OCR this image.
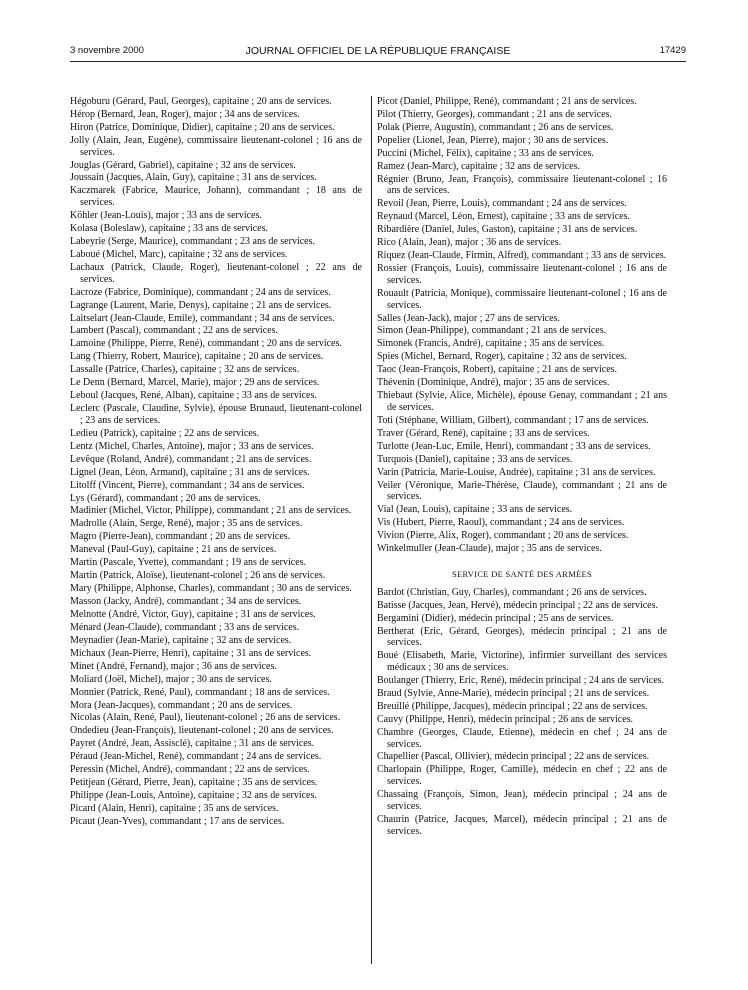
3 novembre 2000	JOURNAL OFFICIEL DE LA RÉPUBLIQUE FRANÇAISE	17429
Hégoburu (Gérard, Paul, Georges), capitaine ; 20 ans de services.
Hérop (Bernard, Jean, Roger), major ; 34 ans de services.
Hiron (Patrice, Dominique, Didier), capitaine ; 20 ans de services.
Jolly (Alain, Jean, Eugène), commissaire lieutenant-colonel ; 16 ans de services.
Jouglas (Gérard, Gabriel), capitaine ; 32 ans de services.
Joussain (Jacques, Alain, Guy), capitaine ; 31 ans de services.
Kaczmarek (Fabrice, Maurice, Johann), commandant ; 18 ans de services.
Köhler (Jean-Louis), major ; 33 ans de services.
Kolasa (Boleslaw), capitaine ; 33 ans de services.
Labeyrie (Serge, Maurice), commandant ; 23 ans de services.
Laboué (Michel, Marc), capitaine ; 32 ans de services.
Lachaux (Patrick, Claude, Roger), lieutenant-colonel ; 22 ans de services.
Lacroze (Fabrice, Dominique), commandant ; 24 ans de services.
Lagrange (Laurent, Marie, Denys), capitaine ; 21 ans de services.
Laitselart (Jean-Claude, Emile), commandant ; 34 ans de services.
Lambert (Pascal), commandant ; 22 ans de services.
Lamoine (Philippe, Pierre, René), commandant ; 20 ans de services.
Lang (Thierry, Robert, Maurice), capitaine ; 20 ans de services.
Lassalle (Patrice, Charles), capitaine ; 32 ans de services.
Le Denn (Bernard, Marcel, Marie), major ; 29 ans de services.
Leboul (Jacques, René, Alban), capitaine ; 33 ans de services.
Leclerc (Pascale, Claudine, Sylvie), épouse Brunaud, lieutenant-colonel ; 23 ans de services.
Ledieu (Patrick), capitaine ; 22 ans de services.
Lentz (Michel, Charles, Antoine), major ; 33 ans de services.
Levêque (Roland, André), commandant ; 21 ans de services.
Lignel (Jean, Léon, Armand), capitaine ; 31 ans de services.
Litolff (Vincent, Pierre), commandant ; 34 ans de services.
Lys (Gérard), commandant ; 20 ans de services.
Madinier (Michel, Victor, Philippe), commandant ; 21 ans de services.
Madrolle (Alain, Serge, René), major ; 35 ans de services.
Magro (Pierre-Jean), commandant ; 20 ans de services.
Maneval (Paul-Guy), capitaine ; 21 ans de services.
Martin (Pascale, Yvette), commandant ; 19 ans de services.
Martin (Patrick, Aloïse), lieutenant-colonel ; 26 ans de services.
Mary (Philippe, Alphonse, Charles), commandant ; 30 ans de services.
Masson (Jacky, André), commandant ; 34 ans de services.
Melnotte (André, Victor, Guy), capitaine ; 31 ans de services.
Ménard (Jean-Claude), commandant ; 33 ans de services.
Meynadier (Jean-Marie), capitaine ; 32 ans de services.
Michaux (Jean-Pierre, Henri), capitaine ; 31 ans de services.
Minet (André, Fernand), major ; 36 ans de services.
Moliard (Joël, Michel), major ; 30 ans de services.
Monnier (Patrick, René, Paul), commandant ; 18 ans de services.
Mora (Jean-Jacques), commandant ; 20 ans de services.
Nicolas (Alain, René, Paul), lieutenant-colonel ; 26 ans de services.
Ondedieu (Jean-François), lieutenant-colonel ; 20 ans de services.
Payret (André, Jean, Assisclé), capitaine ; 31 ans de services.
Péraud (Jean-Michel, René), commandant ; 24 ans de services.
Peressin (Michel, André), commandant ; 22 ans de services.
Petitjean (Gérard, Pierre, Jean), capitaine ; 35 ans de services.
Philippe (Jean-Louis, Antoine), capitaine ; 32 ans de services.
Picard (Alain, Henri), capitaine ; 35 ans de services.
Picaut (Jean-Yves), commandant ; 17 ans de services.
Picot (Daniel, Philippe, René), commandant ; 21 ans de services.
Pilot (Thierry, Georges), commandant ; 21 ans de services.
Polak (Pierre, Augustin), commandant ; 26 ans de services.
Popelier (Lionel, Jean, Pierre), major ; 30 ans de services.
Puccini (Michel, Félix), capitaine ; 33 ans de services.
Ramez (Jean-Marc), capitaine ; 32 ans de services.
Régnier (Bruno, Jean, François), commissaire lieutenant-colonel ; 16 ans de services.
Revoil (Jean, Pierre, Louis), commandant ; 24 ans de services.
Reynaud (Marcel, Léon, Ernest), capitaine ; 33 ans de services.
Ribardière (Daniel, Jules, Gaston), capitaine ; 31 ans de services.
Rico (Alain, Jean), major ; 36 ans de services.
Riquez (Jean-Claude, Firmin, Alfred), commandant ; 33 ans de services.
Rossier (François, Louis), commissaire lieutenant-colonel ; 16 ans de services.
Rouault (Patricia, Monique), commissaire lieutenant-colonel ; 16 ans de services.
Salles (Jean-Jack), major ; 27 ans de services.
Simon (Jean-Philippe), commandant ; 21 ans de services.
Simonek (Francis, André), capitaine ; 35 ans de services.
Spies (Michel, Bernard, Roger), capitaine ; 32 ans de services.
Taoc (Jean-François, Robert), capitaine ; 21 ans de services.
Thévenin (Dominique, André), major ; 35 ans de services.
Thiebaut (Sylvie, Alice, Michèle), épouse Genay, commandant ; 21 ans de services.
Toti (Stéphane, William, Gilbert), commandant ; 17 ans de services.
Traver (Gérard, René), capitaine ; 33 ans de services.
Turlotte (Jean-Luc, Emile, Henri), commandant ; 33 ans de services.
Turquois (Daniel), capitaine ; 33 ans de services.
Varin (Patricia, Marie-Louise, Andrée), capitaine ; 31 ans de services.
Veiler (Véronique, Marie-Thérèse, Claude), commandant ; 21 ans de services.
Vial (Jean, Louis), capitaine ; 33 ans de services.
Vis (Hubert, Pierre, Raoul), commandant ; 24 ans de services.
Vivion (Pierre, Alix, Roger), commandant ; 20 ans de services.
Winkelmuller (Jean-Claude), major ; 35 ans de services.
SERVICE DE SANTÉ DES ARMÉES
Bardot (Christian, Guy, Charles), commandant ; 26 ans de services.
Batisse (Jacques, Jean, Hervé), médecin principal ; 22 ans de services.
Bergamini (Didier), médecin principal ; 25 ans de services.
Bertherat (Eric, Gérard, Georges), médecin principal ; 21 ans de services.
Boué (Elisabeth, Marie, Victorine), infirmier surveillant des services médicaux ; 30 ans de services.
Boulanger (Thierry, Eric, René), médecin principal ; 24 ans de services.
Braud (Sylvie, Anne-Marie), médecin principal ; 21 ans de services.
Breuillé (Philippe, Jacques), médecin principal ; 22 ans de services.
Cauvy (Philippe, Henri), médecin principal ; 26 ans de services.
Chambre (Georges, Claude, Etienne), médecin en chef ; 24 ans de services.
Chapellier (Pascal, Ollivier), médecin principal ; 22 ans de services.
Charlopain (Philippe, Roger, Camille), médecin en chef ; 22 ans de services.
Chassaing (François, Simon, Jean), médecin principal ; 24 ans de services.
Chaurin (Patrice, Jacques, Marcel), médecin principal ; 21 ans de services.
